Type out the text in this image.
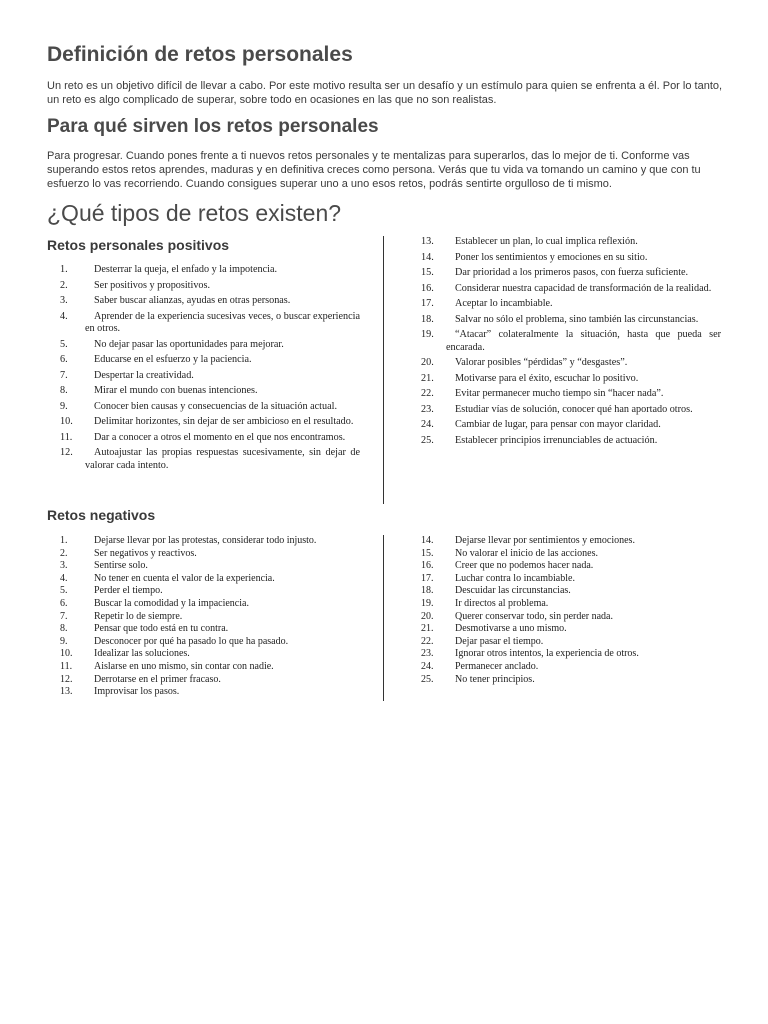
Definición de retos personales

Un reto es un objetivo difícil de llevar a cabo. Por este motivo resulta ser un desafío y un estímulo para quien se enfrenta a él. Por lo tanto, un reto es algo complicado de superar, sobre todo en ocasiones en las que no son realistas.

Para qué sirven los retos personales

Para progresar. Cuando pones frente a ti nuevos retos personales y te mentalizas para superarlos, das lo mejor de ti. Conforme vas superando estos retos aprendes, maduras y en definitiva creces como persona. Verás que tu vida va tomando un camino y que con tu esfuerzo lo vas recorriendo. Cuando consigues superar uno a uno esos retos, podrás sentirte orgulloso de ti mismo.

¿Qué tipos de retos existen?
Retos personales positivos
1.	Desterrar la queja, el enfado y la impotencia.
2.	Ser positivos y propositivos.
3.	Saber buscar alianzas, ayudas en otras personas.
4.	Aprender de la experiencia sucesivas veces, o buscar experiencia en otros.
5.	No dejar pasar las oportunidades para mejorar.
6.	Educarse en el esfuerzo y la paciencia.
7.	Despertar la creatividad.
8.	Mirar el mundo con buenas intenciones.
9.	Conocer bien causas y consecuencias de la situación actual.
10. Delimitar horizontes, sin dejar de ser ambicioso en el resultado.
11. Dar a conocer a otros el momento en el que nos encontramos.
12. Autoajustar las propias respuestas sucesivamente, sin dejar de valorar cada intento.
13. Establecer un plan, lo cual implica reflexión.
14. Poner los sentimientos y emociones en su sitio.
15. Dar prioridad a los primeros pasos, con fuerza suficiente.
16. Considerar nuestra capacidad de transformación de la realidad.
17. Aceptar lo incambiable.
18. Salvar no sólo el problema, sino también las circunstancias.
19. “Atacar” colateralmente la situación, hasta que pueda ser encarada.
20. Valorar posibles “pérdidas” y “desgastes”.
21. Motivarse para el éxito, escuchar lo positivo.
22. Evitar permanecer mucho tiempo sin “hacer nada”.
23. Estudiar vías de solución, conocer qué han aportado otros.
24. Cambiar de lugar, para pensar con mayor claridad.
25. Establecer principios irrenunciables de actuación.
Retos negativos
1.	Dejarse llevar por las protestas, considerar todo injusto.
2.	Ser negativos y reactivos.
3.	Sentirse solo.
4.	No tener en cuenta el valor de la experiencia.
5.	Perder el tiempo.
6.	Buscar la comodidad y la impaciencia.
7.	Repetir lo de siempre.
8.	Pensar que todo está en tu contra.
9.	Desconocer por qué ha pasado lo que ha pasado.
10. Idealizar las soluciones.
11. Aislarse en uno mismo, sin contar con nadie.
12. Derrotarse en el primer fracaso.
13. Improvisar los pasos.
14. Dejarse llevar por sentimientos y emociones.
15. No valorar el inicio de las acciones.
16. Creer que no podemos hacer nada.
17. Luchar contra lo incambiable.
18. Descuidar las circunstancias.
19. Ir directos al problema.
20. Querer conservar todo, sin perder nada.
21. Desmotivarse a uno mismo.
22. Dejar pasar el tiempo.
23. Ignorar otros intentos, la experiencia de otros.
24. Permanecer anclado.
25. No tener principios.
